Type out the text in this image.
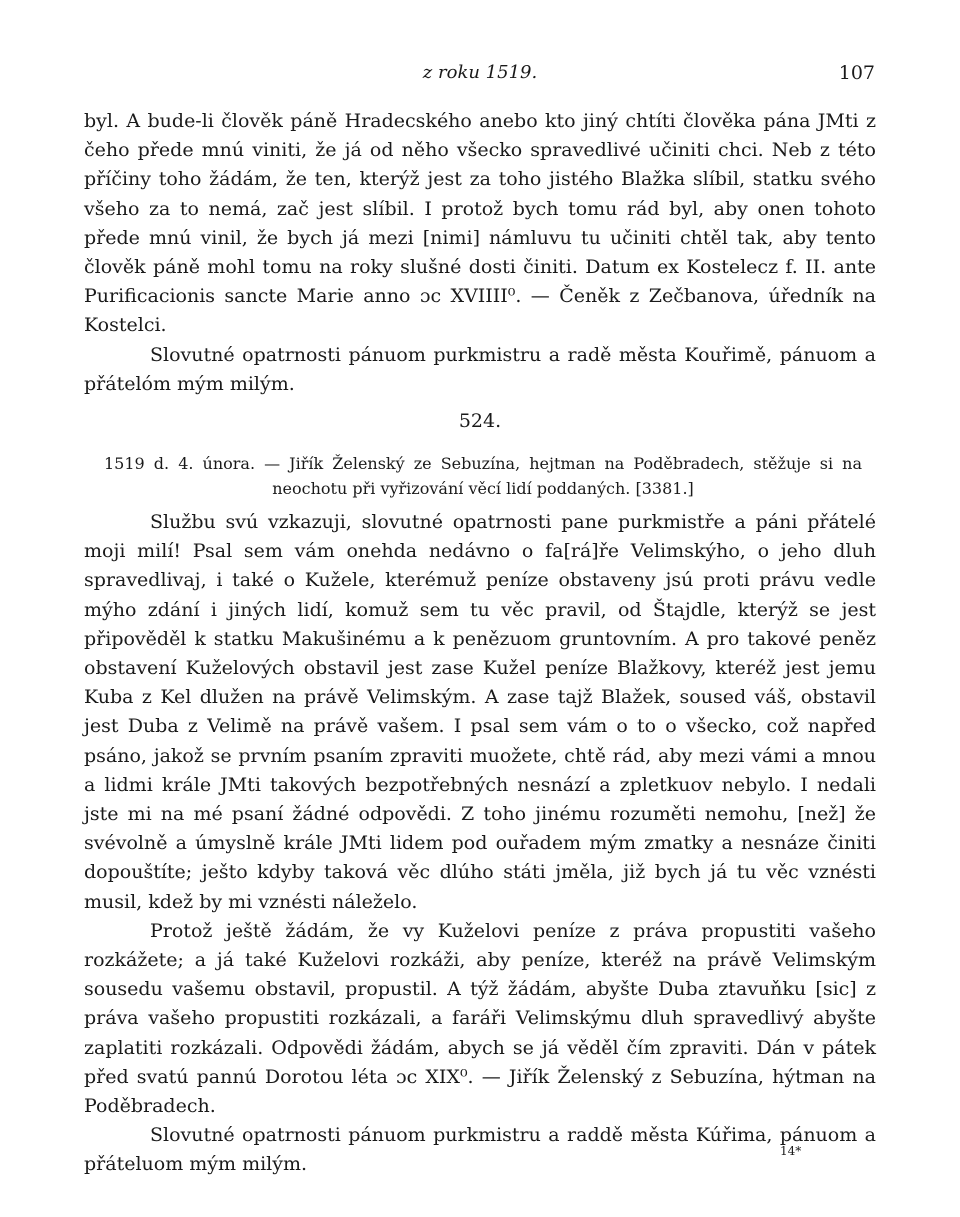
z roku 1519.	107

byl. A bude-li člověk páně Hradecského anebo kto jiný chtíti člověka pána JMti z čeho přede mnú viniti, že já od něho všecko spravedlivé učiniti chci. Neb z této příčiny toho žádám, že ten, kterýž jest za toho jistého Blažka slíbil, statku svého všeho za to nemá, zač jest slíbil. I protož bych tomu rád byl, aby onen tohoto přede mnú vinil, že bych já mezi [nimi] námluvu tu učiniti chtěl tak, aby tento člověk páně mohl tomu na roky slušné dosti činiti. Datum ex Kostelecz f. II. ante Purificacionis sancte Marie anno ɔc XVIIII⁰. — Čeněk z Zečbanova, úředník na Kostelci.

Slovutné opatrnosti pánuom purkmistru a radě města Kouřimě, pánuom a přátelóm mým milým.

524.
1519 d. 4. února. — Jiřík Želenský ze Sebuzína, hejtman na Poděbradech, stěžuje si na
neochotu při vyřizování věcí lidí poddaných. [3381.]

Službu svú vzkazuji, slovutné opatrnosti pane purkmistře a páni přátelé moji milí! Psal sem vám onehda nedávno o fa[rá]ře Velimskýho, o jeho dluh spravedlivaj, i také o Kužele, kterémuž peníze obstaveny jsú proti právu vedle mýho zdání i jiných lidí, komuž sem tu věc pravil, od Štajdle, kterýž se jest připověděl k statku Makušinému a k penězuom gruntovním. A pro takové peněz obstavení Kuželových obstavil jest zase Kužel peníze Blažkovy, kteréž jest jemu Kuba z Kel dlužen na právě Velimským. A zase tajž Blažek, soused váš, obstavil jest Duba z Velimě na právě vašem. I psal sem vám o to o všecko, což napřed psáno, jakož se prvním psaním zpraviti muožete, chtě rád, aby mezi vámi a mnou a lidmi krále JMti takových bezpotřebných nesnází a zpletkuov nebylo. I nedali jste mi na mé psaní žádné odpovědi. Z toho jinému rozuměti nemohu, [než] že svévolně a úmyslně krále JMti lidem pod ouřadem mým zmatky a nesnáze činiti dopouštíte; ješto kdyby taková věc dlúho státi jměla, již bych já tu věc vznésti musil, kdež by mi vznésti náleželo.

Protož ještě žádám, že vy Kuželovi peníze z práva propustiti vašeho rozkážete; a já také Kuželovi rozkáži, aby peníze, kteréž na právě Velimským sousedu vašemu obstavil, propustil. A týž žádám, abyšte Duba ztavuňku [sic] z práva vašeho propustiti rozkázali, a faráři Velimskýmu dluh spravedlivý abyšte zaplatiti rozkázali. Odpovědi žádám, abych se já věděl čím zpraviti. Dán v pátek před svatú pannú Dorotou léta ɔc XIX⁰. — Jiřík Želenský z Sebuzína, hýtman na Poděbradech.

Slovutné opatrnosti pánuom purkmistru a raddě města Kúřima, pánuom a přáteluom mým milým.

14*
